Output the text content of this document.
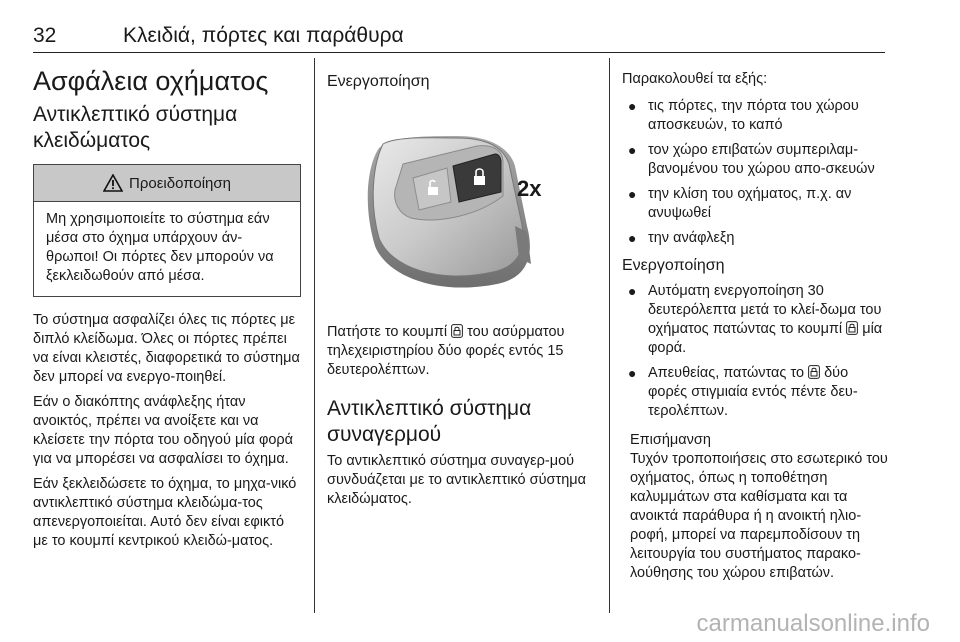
32	Κλειδιά, πόρτες και παράθυρα
Ασφάλεια οχήματος
Αντικλεπτικό σύστημα κλειδώματος
Προειδοποίηση

Μη χρησιμοποιείτε το σύστημα εάν μέσα στο όχημα υπάρχουν άν-θρωποι! Οι πόρτες δεν μπορούν να ξεκλειδωθούν από μέσα.

Το σύστημα ασφαλίζει όλες τις πόρτες με διπλό κλείδωμα. Όλες οι πόρτες πρέπει να είναι κλειστές, διαφορετικά το σύστημα δεν μπορεί να ενεργο-ποιηθεί.

Εάν ο διακόπτης ανάφλεξης ήταν ανοικτός, πρέπει να ανοίξετε και να κλείσετε την πόρτα του οδηγού μία φορά για να μπορέσει να ασφαλίσει το όχημα.

Εάν ξεκλειδώσετε το όχημα, το μηχα-νικό αντικλεπτικό σύστημα κλειδώμα-τος απενεργοποιείται. Αυτό δεν είναι εφικτό με το κουμπί κεντρικού κλειδώ-ματος.

Ενεργοποίηση
2x

Πατήστε το κουμπί του ασύρματου τηλεχειριστηρίου δύο φορές εντός 15 δευτερολέπτων.

Αντικλεπτικό σύστημα συναγερμού

Το αντικλεπτικό σύστημα συναγερ-μού συνδυάζεται με το αντικλεπτικό σύστημα κλειδώματος.

Παρακολουθεί τα εξής:

● τις πόρτες, την πόρτα του χώρου αποσκευών, το καπό
● τον χώρο επιβατών συμπεριλαμ-βανομένου του χώρου απο-σκευών
● την κλίση του οχήματος, π.χ. αν ανυψωθεί
● την ανάφλεξη
Ενεργοποίηση
● Αυτόματη ενεργοποίηση 30 δευτερόλεπτα μετά το κλεί-δωμα του οχήματος πατώντας το κουμπί μία φορά.
● Απευθείας, πατώντας το δύο φορές στιγμιαία εντός πέντε δευ-τερολέπτων.
Επισήμανση

Τυχόν τροποποιήσεις στο εσωτερικό του οχήματος, όπως η τοποθέτηση καλυμμάτων στα καθίσματα και τα ανοικτά παράθυρα ή η ανοικτή ηλιο-ροφή, μπορεί να παρεμποδίσουν τη λειτουργία του συστήματος παρακο-λούθησης του χώρου επιβατών.

carmanualsonline.info
